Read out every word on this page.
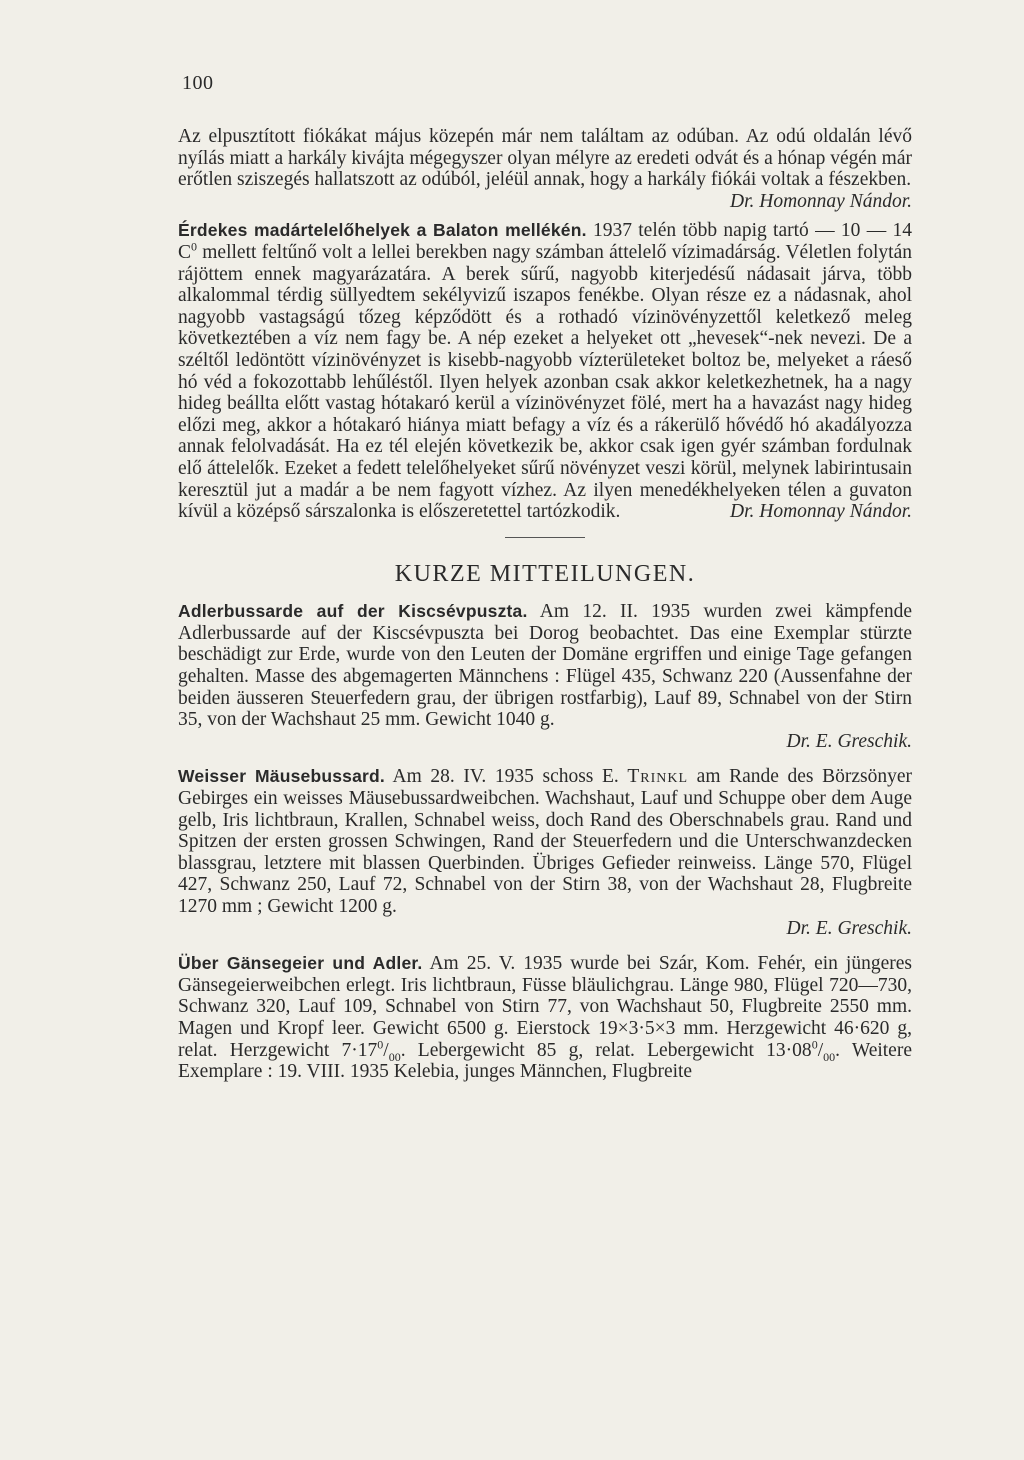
100

Az elpusztított fiókákat május közepén már nem találtam az odúban. Az odú oldalán lévő nyílás miatt a harkály kivájta mégegyszer olyan mélyre az eredeti odvát és a hónap végén már erőtlen sziszegés hallatszott az odúból, jeléül annak, hogy a harkály fiókái voltak a fészekben.
Dr. Homonnay Nándor.

Érdekes madártelelőhelyek a Balaton mellékén. 1937 telén több napig tartó — 10 — 14 $C^0$ mellett feltűnő volt a lellei berekben nagy számban áttelelő vízimadárság. Véletlen folytán rájöttem ennek magyarázatára. A berek sűrű, nagyobb kiterjedésű nádasait járva, több alkalommal térdig süllyedtem sekélyvizű iszapos fenékbe. Olyan része ez a nádasnak, ahol nagyobb vastagságú tőzeg képződött és a rothadó vízinövényzettől keletkező meleg következtében a víz nem fagy be. A nép ezeket a helyeket ott „hevesek“-nek nevezi. De a széltől ledöntött vízinövényzet is kisebb-nagyobb vízterületeket boltoz be, melyeket a ráeső hó véd a fokozottabb lehűléstől. Ilyen helyek azonban csak akkor keletkezhetnek, ha a nagy hideg beállta előtt vastag hótakaró kerül a vízinövényzet fölé, mert ha a havazást nagy hideg előzi meg, akkor a hótakaró hiánya miatt befagy a víz és a rákerülő hővédő hó akadályozza annak felolvadását. Ha ez tél elején következik be, akkor csak igen gyér számban fordulnak elő áttelelők. Ezeket a fedett telelőhelyeket sűrű növényzet veszi körül, melynek labirintusain keresztül jut a madár a be nem fagyott vízhez. Az ilyen menedékhelyeken télen a guvaton kívül a középső sárszalonka is előszeretettel tartózkodik.	Dr. Homonnay Nándor.

KURZE MITTEILUNGEN.

Adlerbussarde auf der Kiscsévpuszta. Am 12. II. 1935 wurden zwei kämpfende Adlerbussarde auf der Kiscsévpuszta bei Dorog beobachtet. Das eine Exemplar stürzte beschädigt zur Erde, wurde von den Leuten der Domäne ergriffen und einige Tage gefangen gehalten. Masse des abgemagerten Männchens : Flügel 435, Schwanz 220 (Aussenfahne der beiden äusseren Steuerfedern grau, der übrigen rostfarbig), Lauf 89, Schnabel von der Stirn 35, von der Wachshaut 25 mm. Gewicht 1040 g.
Dr. E. Greschik.

Weisser Mäusebussard. Am 28. IV. 1935 schoss E. Trinkl am Rande des Börzsönyer Gebirges ein weisses Mäusebussardweibchen. Wachshaut, Lauf und Schuppe ober dem Auge gelb, Iris lichtbraun, Krallen, Schnabel weiss, doch Rand des Oberschnabels grau. Rand und Spitzen der ersten grossen Schwingen, Rand der Steuerfedern und die Unterschwanzdecken blassgrau, letztere mit blassen Querbinden. Übriges Gefieder reinweiss. Länge 570, Flügel 427, Schwanz 250, Lauf 72, Schnabel von der Stirn 38, von der Wachshaut 28, Flugbreite 1270 mm ; Gewicht 1200 g.
Dr. E. Greschik.

Über Gänsegeier und Adler. Am 25. V. 1935 wurde bei Szár, Kom. Fehér, ein jüngeres Gänsegeierweibchen erlegt. Iris lichtbraun, Füsse bläulichgrau. Länge 980, Flügel 720—730, Schwanz 320, Lauf 109, Schnabel von Stirn 77, von Wachshaut 50, Flugbreite 2550 mm. Magen und Kropf leer. Gewicht 6500 g. Eierstock 19×3·5×3 mm. Herzgewicht 46·620 g, relat. Herzgewicht $7\cdot 17^0/_{00}$. Lebergewicht 85 g, relat. Lebergewicht $13\cdot 08^0/_{00}$. Weitere Exemplare : 19. VIII. 1935 Kelebia, junges Männchen, Flugbreite
